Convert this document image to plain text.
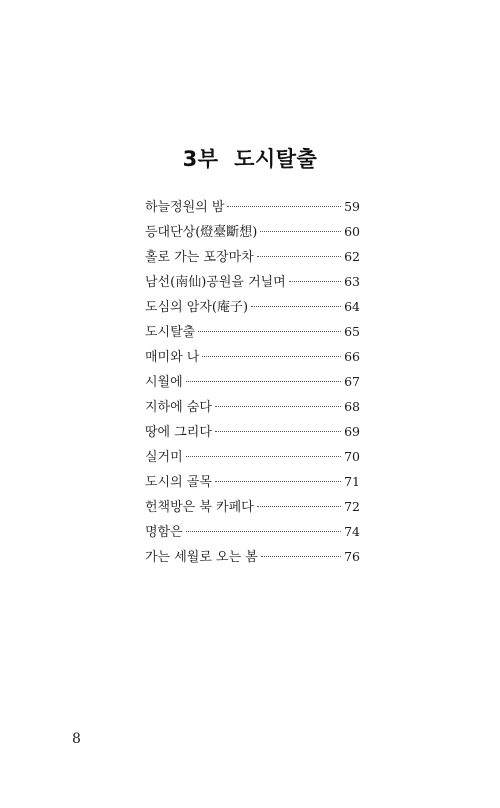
3부  도시탈출
하늘정원의 밤	59
등대단상(燈臺斷想)	60
홀로 가는 포장마차	62
남선(南仙)공원을 거닐며	63
도심의 암자(庵子)	64
도시탈출	65
매미와 나	66
시월에	67
지하에 숨다	68
땅에 그리다	69
실거미	70
도시의 골목	71
헌책방은 북 카페다	72
명함은	74
가는 세월로 오는 봄	76
8
